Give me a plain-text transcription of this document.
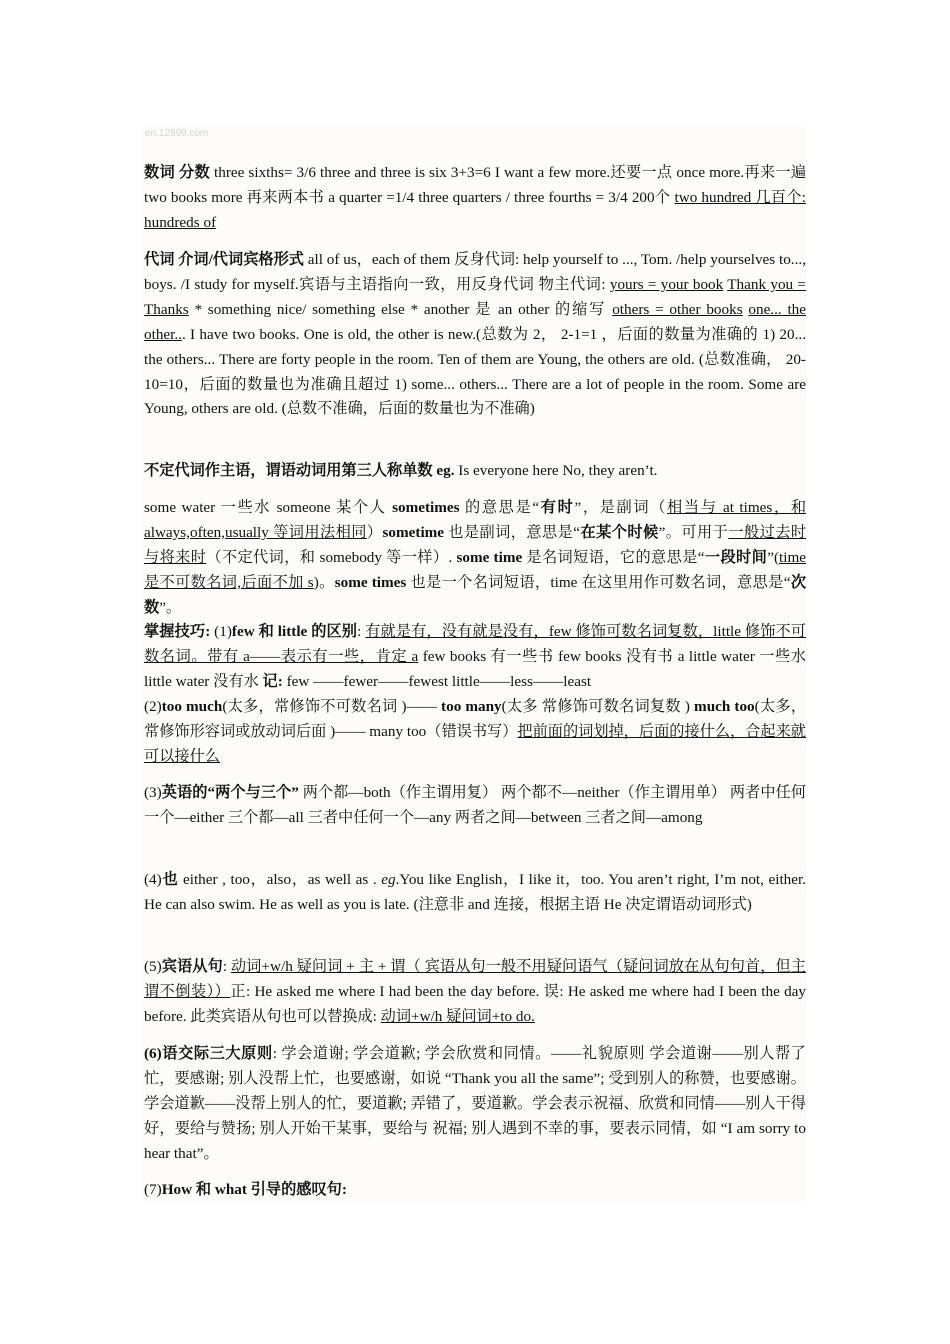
en.12999.com

数词 分数 three sixths= 3/6 three and three is six 3+3=6 I want a few more.还要一点 once more.再来一遍 two books more 再来两本书 a quarter =1/4 three quarters / three fourths = 3/4 200个 two hundred 几百个: hundreds of

代词 介词/代词宾格形式 all of us，each of them 反身代词: help yourself to ..., Tom. /help yourselves to..., boys. /I study for myself.宾语与主语指向一致，用反身代词 物主代词: yours = your book Thank you = Thanks * something nice/ something else * another 是 an other 的缩写 others = other books one... the other... I have two books. One is old, the other is new.(总数为 2， 2-1=1 ，后面的数量为准确的 1) 20... the others... There are forty people in the room. Ten of them are Young, the others are old. (总数准确， 20-10=10，后面的数量也为准确且超过 1) some... others... There are a lot of people in the room. Some are Young, others are old. (总数不准确，后面的数量也为不准确)

不定代词作主语，谓语动词用第三人称单数 eg. Is everyone here No, they aren’t.

some water 一些水 someone 某个人 sometimes 的意思是“有时”，是副词（相当与 at times，和 always,often,usually 等词用法相同）sometime 也是副词，意思是“在某个时候”。可用于一般过去时与将来时（不定代词，和 somebody 等一样）. some time 是名词短语，它的意思是“一段时间”(time 是不可数名词,后面不加 s)。some times 也是一个名词短语，time 在这里用作可数名词，意思是“次数”。

掌握技巧: (1)few 和 little 的区别: 有就是有，没有就是没有，few 修饰可数名词复数，little 修饰不可数名词。带有 a——表示有一些，肯定 a few books 有一些书 few books 没有书 a little water 一些水 little water 没有水 记: few ——fewer——fewest little——less——least
(2)too much(太多，常修饰不可数名词 )—— too many(太多 常修饰可数名词复数 ) much too(太多，常修饰形容词或放动词后面 )—— many too（错误书写）把前面的词划掉，后面的接什么，合起来就可以接什么

(3)英语的“两个与三个” 两个都—both（作主谓用复） 两个都不—neither（作主谓用单） 两者中任何一个—either 三个都—all 三者中任何一个—any 两者之间—between 三者之间—among

(4)也 either , too，also，as well as . eg.You like English，I like it，too. You aren’t right, I’m not, either. He can also swim. He as well as you is late. (注意非 and 连接，根据主语 He 决定谓语动词形式)

(5)宾语从句: 动词+w/h 疑问词 + 主 + 谓（ 宾语从句一般不用疑问语气（疑问词放在从句句首，但主谓不倒装））正: He asked me where I had been the day before. 误: He asked me where had I been the day before. 此类宾语从句也可以替换成: 动词+w/h 疑问词+to do.

(6)语交际三大原则: 学会道谢; 学会道歉; 学会欣赏和同情。——礼貌原则 学会道谢——别人帮了忙，要感谢; 别人没帮上忙，也要感谢，如说 “Thank you all the same”; 受到别人的称赞，也要感谢。学会道歉——没帮上别人的忙，要道歉; 弄错了，要道歉。学会表示祝福、欣赏和同情——别人干得好，要给与赞扬; 别人开始干某事，要给与 祝福; 别人遇到不幸的事，要表示同情，如 “I am sorry to hear that”。

(7)How 和 what 引导的感叹句:
